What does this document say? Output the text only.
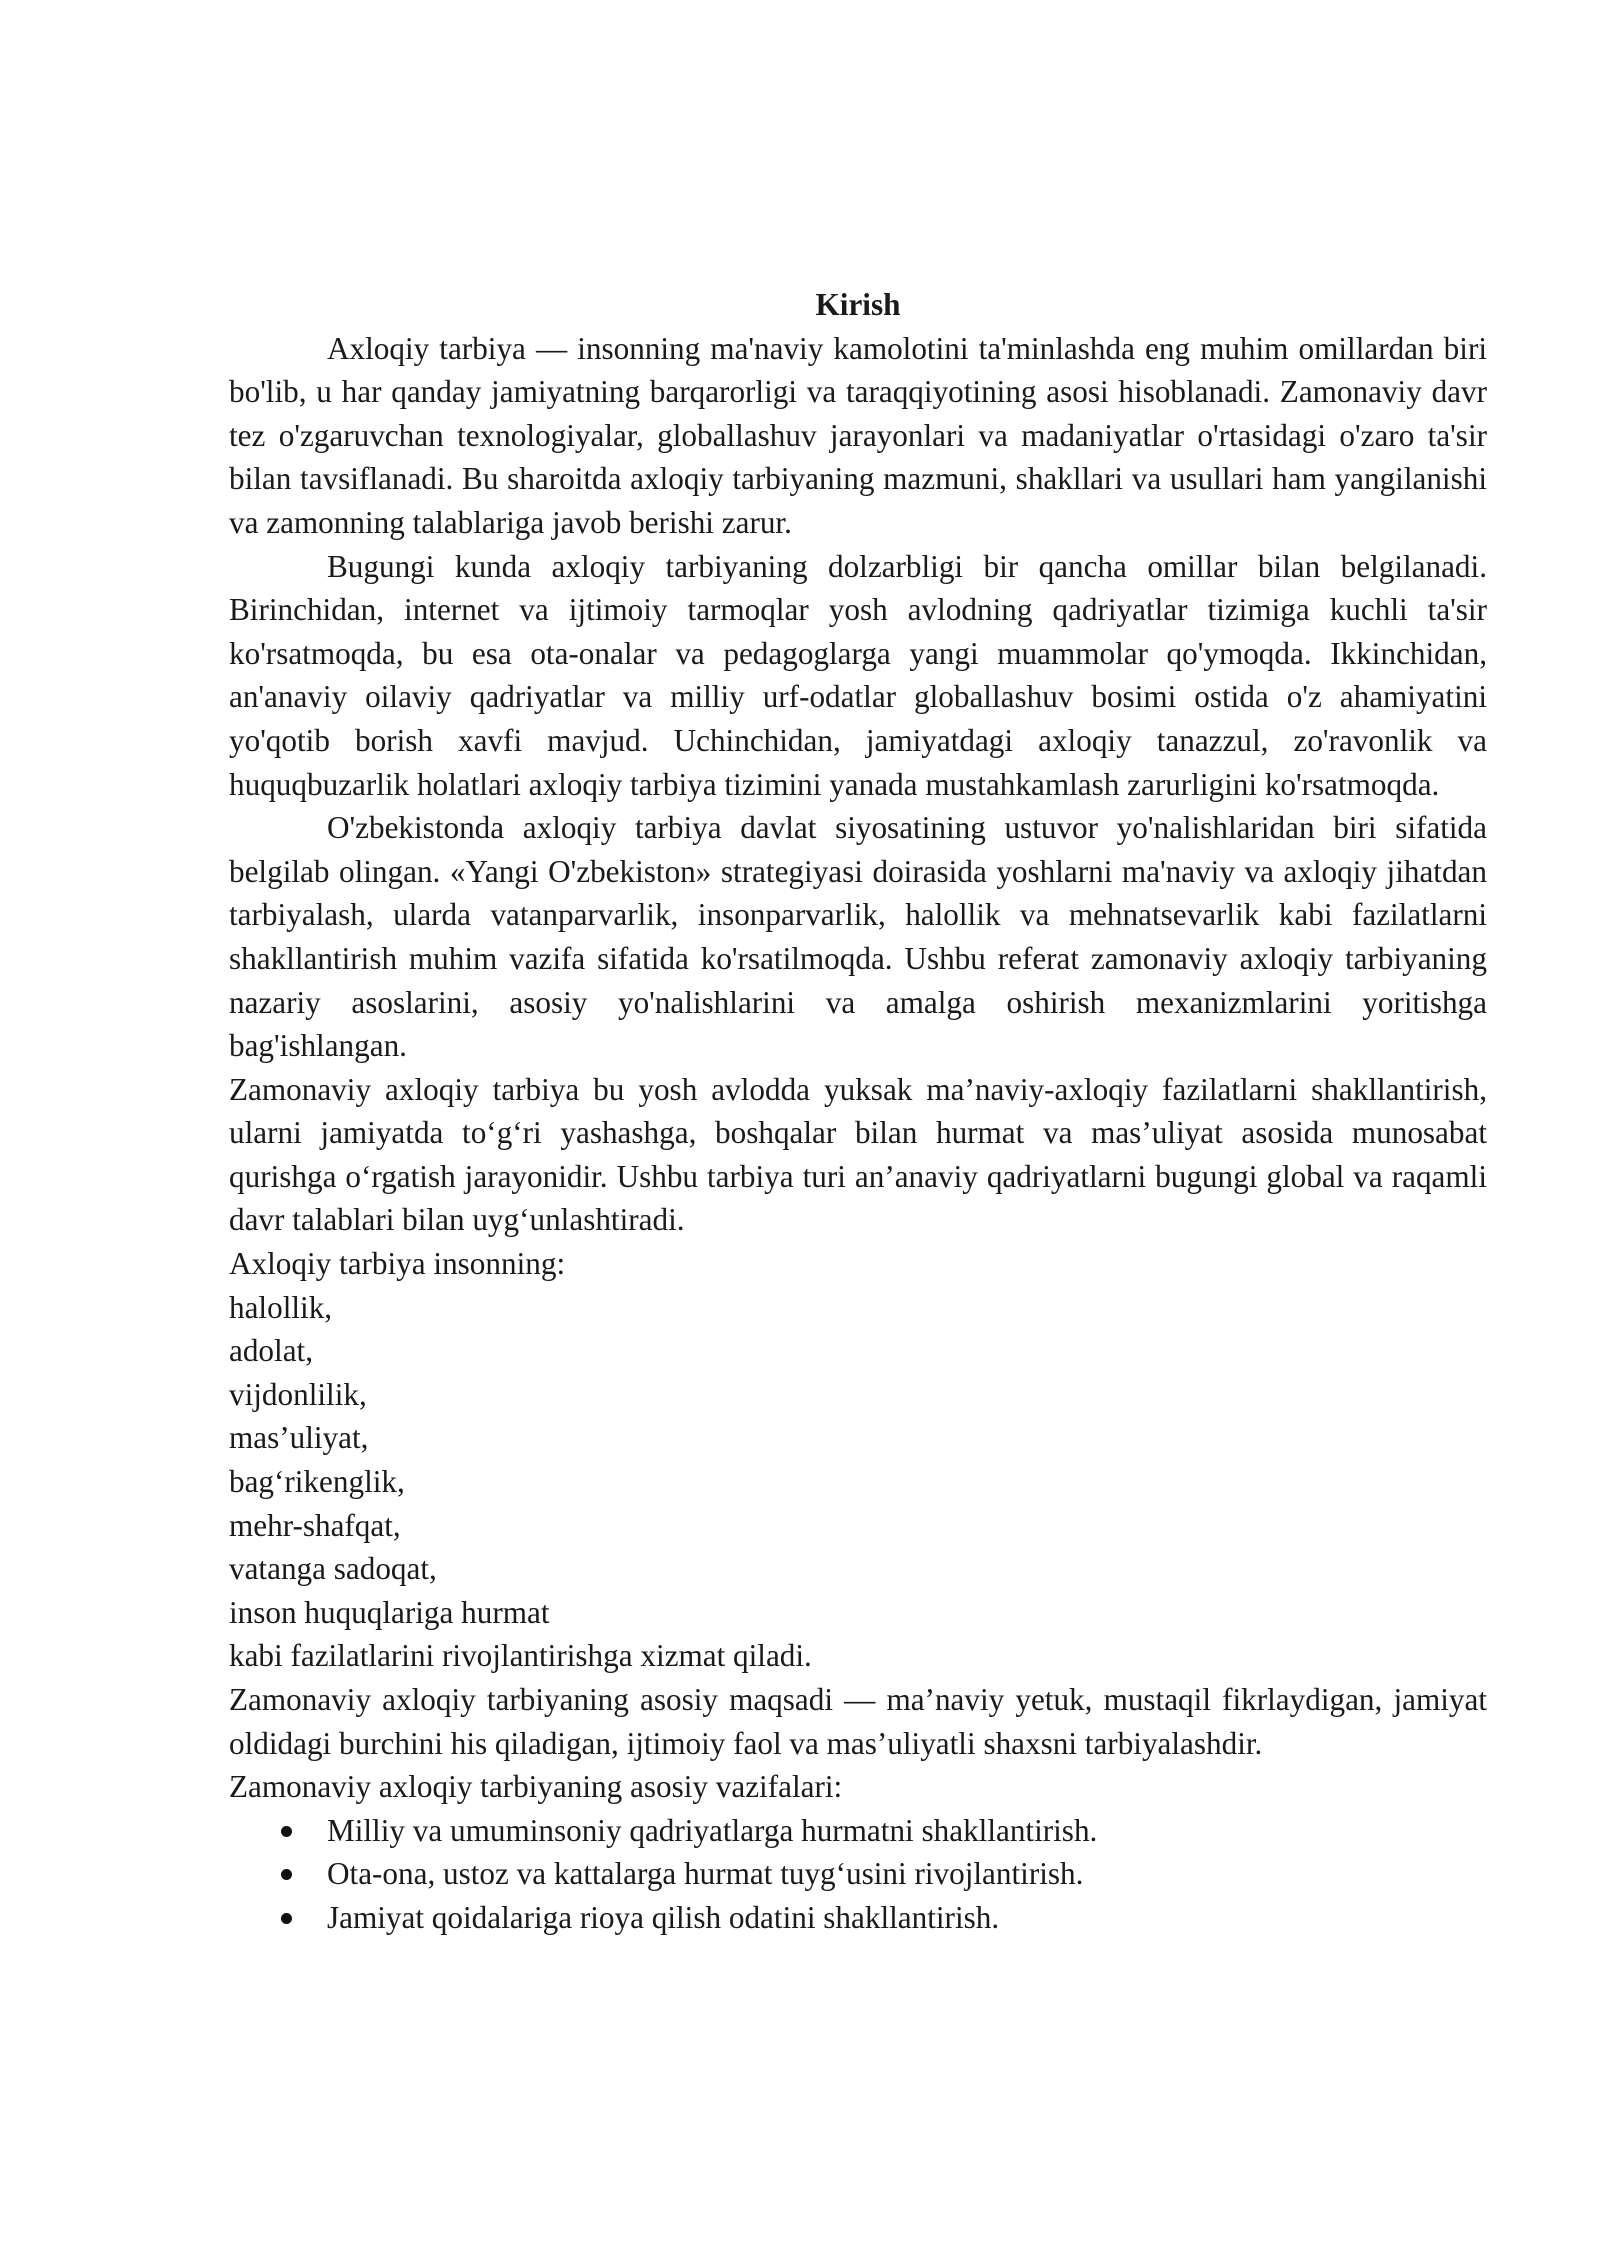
Kirish

Axloqiy tarbiya — insonning ma'naviy kamolotini ta'minlashda eng muhim omillardan biri bo'lib, u har qanday jamiyatning barqarorligi va taraqqiyotining asosi hisoblanadi. Zamonaviy davr tez o'zgaruvchan texnologiyalar, globallashuv jarayonlari va madaniyatlar o'rtasidagi o'zaro ta'sir bilan tavsiflanadi. Bu sharoitda axloqiy tarbiyaning mazmuni, shakllari va usullari ham yangilanishi va zamonning talablariga javob berishi zarur.

Bugungi kunda axloqiy tarbiyaning dolzarbligi bir qancha omillar bilan belgilanadi. Birinchidan, internet va ijtimoiy tarmoqlar yosh avlodning qadriyatlar tizimiga kuchli ta'sir ko'rsatmoqda, bu esa ota-onalar va pedagoglarga yangi muammolar qo'ymoqda. Ikkinchidan, an'anaviy oilaviy qadriyatlar va milliy urf-odatlar globallashuv bosimi ostida o'z ahamiyatini yo'qotib borish xavfi mavjud. Uchinchidan, jamiyatdagi axloqiy tanazzul, zo'ravonlik va huquqbuzarlik holatlari axloqiy tarbiya tizimini yanada mustahkamlash zarurligini ko'rsatmoqda.

O'zbekistonda axloqiy tarbiya davlat siyosatining ustuvor yo'nalishlaridan biri sifatida belgilab olingan. «Yangi O'zbekiston» strategiyasi doirasida yoshlarni ma'naviy va axloqiy jihatdan tarbiyalash, ularda vatanparvarlik, insonparvarlik, halollik va mehnatsevarlik kabi fazilatlarni shakllantirish muhim vazifa sifatida ko'rsatilmoqda. Ushbu referat zamonaviy axloqiy tarbiyaning nazariy asoslarini, asosiy yo'nalishlarini va amalga oshirish mexanizmlarini yoritishga bag'ishlangan.

Zamonaviy axloqiy tarbiya bu yosh avlodda yuksak ma’naviy-axloqiy fazilatlarni shakllantirish, ularni jamiyatda to‘g‘ri yashashga, boshqalar bilan hurmat va mas’uliyat asosida munosabat qurishga o‘rgatish jarayonidir. Ushbu tarbiya turi an’anaviy qadriyatlarni bugungi global va raqamli davr talablari bilan uyg‘unlashtiradi.

Axloqiy tarbiya insonning:
halollik,
adolat,
vijdonlilik,
mas’uliyat,
bag‘rikenglik,
mehr-shafqat,
vatanga sadoqat,
inson huquqlariga hurmat
kabi fazilatlarini rivojlantirishga xizmat qiladi.

Zamonaviy axloqiy tarbiyaning asosiy maqsadi — ma’naviy yetuk, mustaqil fikrlaydigan, jamiyat oldidagi burchini his qiladigan, ijtimoiy faol va mas’uliyatli shaxsni tarbiyalashdir.

Zamonaviy axloqiy tarbiyaning asosiy vazifalari:
Milliy va umuminsoniy qadriyatlarga hurmatni shakllantirish.
Ota-ona, ustoz va kattalarga hurmat tuyg‘usini rivojlantirish.
Jamiyat qoidalariga rioya qilish odatini shakllantirish.
